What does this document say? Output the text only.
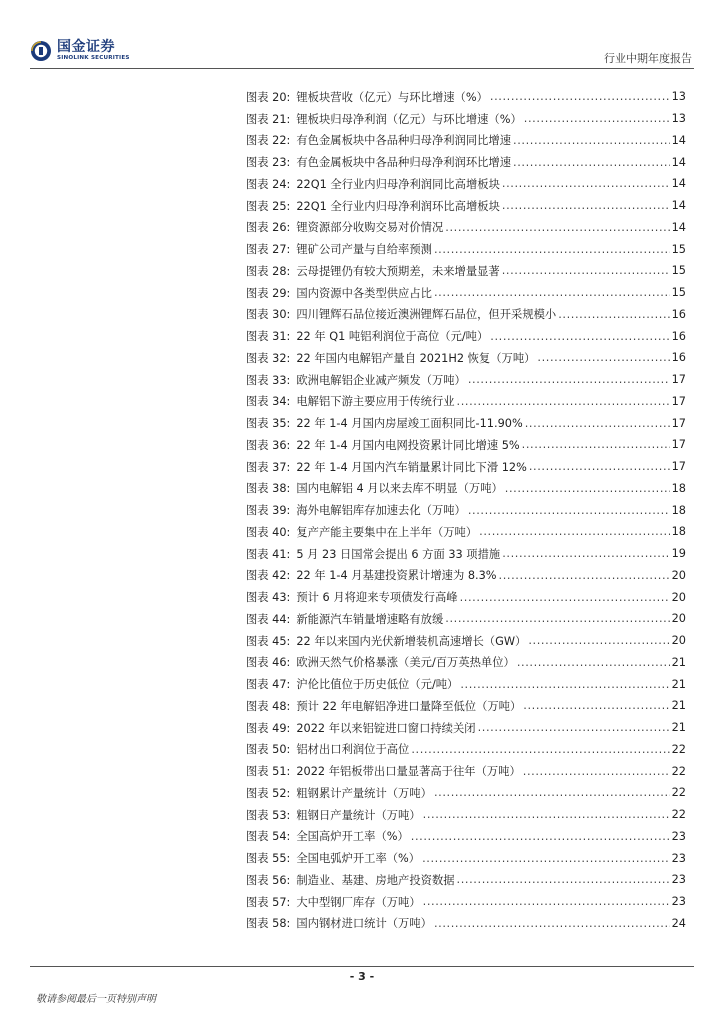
国金证券
SINOLINK SECURITIES	行业中期年度报告
图表 20: 锂板块营收（亿元）与环比增速（%） .....	13
图表 21: 锂板块归母净利润（亿元）与环比增速（%） .....	13
图表 22: 有色金属板块中各品种归母净利润同比增速 .....	14
图表 23: 有色金属板块中各品种归母净利润环比增速 .....	14
图表 24: 22Q1 全行业内归母净利润同比高增板块 .....	14
图表 25: 22Q1 全行业内归母净利润环比高增板块 .....	14
图表 26: 锂资源部分收购交易对价情况 .....	14
图表 27: 锂矿公司产量与自给率预测 .....	15
图表 28: 云母提锂仍有较大预期差，未来增量显著 .....	15
图表 29: 国内资源中各类型供应占比 .....	15
图表 30: 四川锂辉石品位接近澳洲锂辉石品位，但开采规模小 .....	16
图表 31: 22 年 Q1 吨铝利润位于高位（元/吨） .....	16
图表 32: 22 年国内电解铝产量自 2021H2 恢复（万吨） .....	16
图表 33: 欧洲电解铝企业减产频发（万吨） .....	17
图表 34: 电解铝下游主要应用于传统行业 .....	17
图表 35: 22 年 1-4 月国内房屋竣工面积同比-11.90% .....	17
图表 36: 22 年 1-4 月国内电网投资累计同比增速 5% .....	17
图表 37: 22 年 1-4 月国内汽车销量累计同比下滑 12% .....	17
图表 38: 国内电解铝 4 月以来去库不明显（万吨） .....	18
图表 39: 海外电解铝库存加速去化（万吨） .....	18
图表 40: 复产产能主要集中在上半年（万吨） .....	18
图表 41: 5 月 23 日国常会提出 6 方面 33 项措施 .....	19
图表 42: 22 年 1-4 月基建投资累计增速为 8.3% .....	20
图表 43: 预计 6 月将迎来专项债发行高峰 .....	20
图表 44: 新能源汽车销量增速略有放缓 .....	20
图表 45: 22 年以来国内光伏新增装机高速增长（GW） .....	20
图表 46: 欧洲天然气价格暴涨（美元/百万英热单位） .....	21
图表 47: 沪伦比值位于历史低位（元/吨） .....	21
图表 48: 预计 22 年电解铝净进口量降至低位（万吨） .....	21
图表 49: 2022 年以来铝锭进口窗口持续关闭 .....	21
图表 50: 铝材出口利润位于高位 .....	22
图表 51: 2022 年铝板带出口量显著高于往年（万吨） .....	22
图表 52: 粗钢累计产量统计（万吨） .....	22
图表 53: 粗钢日产量统计（万吨） .....	22
图表 54: 全国高炉开工率（%） .....	23
图表 55: 全国电弧炉开工率（%） .....	23
图表 56: 制造业、基建、房地产投资数据 .....	23
图表 57: 大中型钢厂库存（万吨） .....	23
图表 58: 国内钢材进口统计（万吨） .....	24
- 3 -
敬请参阅最后一页特别声明
